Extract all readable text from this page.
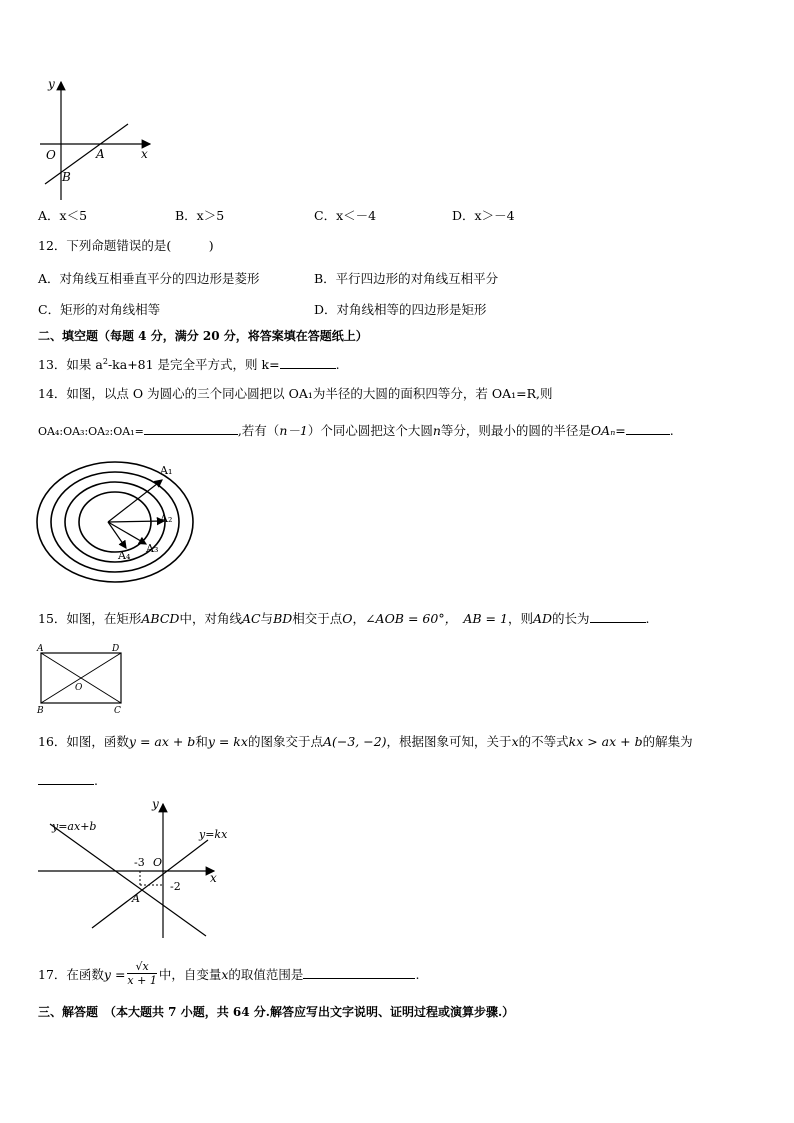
y
O	A	x
B
A．x＜5	B．x＞5	C．x＜－4	D．x＞－4
12．下列命题错误的是(　　　)
A．对角线互相垂直平分的四边形是菱形	B．平行四边形的对角线互相平分
C．矩形的对角线相等	D．对角线相等的四边形是矩形
二、填空题（每题 4 分，满分 20 分，将答案填在答题纸上）
13．如果 $a^2-ka+81$ 是完全平方式，则 k=	.
14．如图，以点 O 为圆心的三个同心圆把以 OA₁为半径的大圆的面积四等分，若 OA₁=R,则
OA₄:OA₃:OA₂:OA₁=	,若有（n－1）个同心圆把这个大圆n等分，则最小的圆的半径是OAₙ=	.
A₁
A₂
A₃
A₄
15．如图，在矩形ABCD中，对角线AC与BD相交于点O，∠AOB = 60°，　 AB = 1，则AD的长为	.
A	D
O
B	C
16．如图，函数y = ax + b和y = kx的图象交于点A(−3, −2)，根据图象可知，关于x的不等式kx > ax + b的解集为
.
y
y=ax+b
y=kx
-3 O
x
-2
A
17．在函数$y = \frac{√x}{x + 1}$ 中，自变量x的取值范围是	.
三、解答题　（本大题共 7 小题，共 64 分.解答应写出文字说明、证明过程或演算步骤.）
